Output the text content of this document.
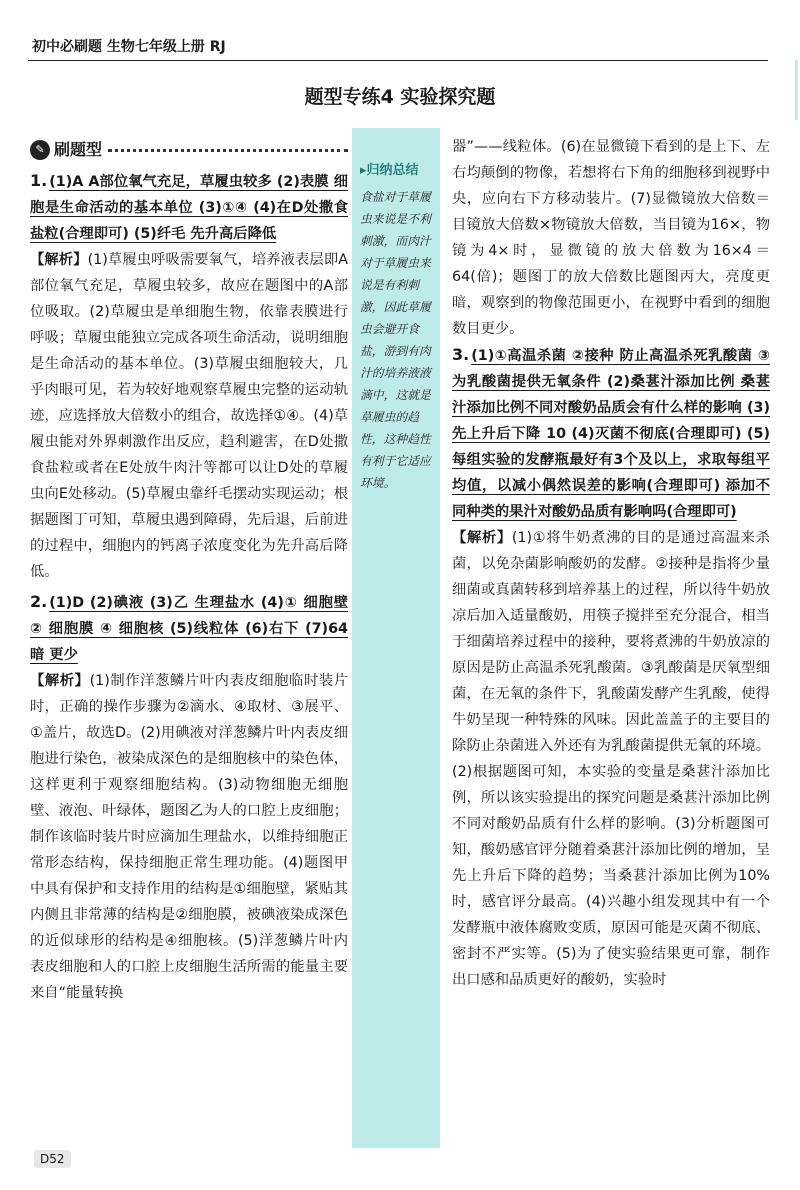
初中必刷题 生物七年级上册 RJ
题型专练4 实验探究题
✎ 刷题型
1. (1)A A部位氧气充足，草履虫较多 (2)表膜 细胞是生命活动的基本单位 (3)①④ (4)在D处撒食盐粒(合理即可) (5)纤毛 先升高后降低
【解析】(1)草履虫呼吸需要氧气，培养液表层即A部位氧气充足，草履虫较多，故应在题图中的A部位吸取。(2)草履虫是单细胞生物，依靠表膜进行呼吸；草履虫能独立完成各项生命活动，说明细胞是生命活动的基本单位。(3)草履虫细胞较大，几乎肉眼可见，若为较好地观察草履虫完整的运动轨迹，应选择放大倍数小的组合，故选择①④。(4)草履虫能对外界刺激作出反应，趋利避害，在D处撒食盐粒或者在E处放牛肉汁等都可以让D处的草履虫向E处移动。(5)草履虫靠纤毛摆动实现运动；根据题图丁可知，草履虫遇到障碍，先后退，后前进的过程中，细胞内的钙离子浓度变化为先升高后降低。
2. (1)D (2)碘液 (3)乙 生理盐水 (4)① 细胞壁 ② 细胞膜 ④ 细胞核 (5)线粒体 (6)右下 (7)64 暗 更少
【解析】(1)制作洋葱鳞片叶内表皮细胞临时装片时，正确的操作步骤为②滴水、④取材、③展平、①盖片，故选D。(2)用碘液对洋葱鳞片叶内表皮细胞进行染色，被染成深色的是细胞核中的染色体，这样更利于观察细胞结构。(3)动物细胞无细胞壁、液泡、叶绿体，题图乙为人的口腔上皮细胞；制作该临时装片时应滴加生理盐水，以维持细胞正常形态结构，保持细胞正常生理功能。(4)题图甲中具有保护和支持作用的结构是①细胞壁，紧贴其内侧且非常薄的结构是②细胞膜，被碘液染成深色的近似球形的结构是④细胞核。(5)洋葱鳞片叶内表皮细胞和人的口腔上皮细胞生活所需的能量主要来自“能量转换
▸归纳总结
食盐对于草履虫来说是不利刺激，而肉汁对于草履虫来说是有利刺激，因此草履虫会避开食盐，游到有肉汁的培养液液滴中，这就是草履虫的趋性，这种趋性有利于它适应环境。
器”——线粒体。(6)在显微镜下看到的是上下、左右均颠倒的物像，若想将右下角的细胞移到视野中央，应向右下方移动装片。(7)显微镜放大倍数＝目镜放大倍数×物镜放大倍数，当目镜为16×，物镜为4×时，显微镜的放大倍数为16×4＝64(倍)；题图丁的放大倍数比题图丙大，亮度更暗，观察到的物像范围更小，在视野中看到的细胞数目更少。
3. (1)①高温杀菌 ②接种 防止高温杀死乳酸菌 ③为乳酸菌提供无氧条件 (2)桑葚汁添加比例 桑葚汁添加比例不同对酸奶品质会有什么样的影响 (3)先上升后下降 10 (4)灭菌不彻底(合理即可) (5)每组实验的发酵瓶最好有3个及以上，求取每组平均值，以减小偶然误差的影响(合理即可) 添加不同种类的果汁对酸奶品质有影响吗(合理即可)
【解析】(1)①将牛奶煮沸的目的是通过高温来杀菌，以免杂菌影响酸奶的发酵。②接种是指将少量细菌或真菌转移到培养基上的过程，所以待牛奶放凉后加入适量酸奶，用筷子搅拌至充分混合，相当于细菌培养过程中的接种，要将煮沸的牛奶放凉的原因是防止高温杀死乳酸菌。③乳酸菌是厌氧型细菌，在无氧的条件下，乳酸菌发酵产生乳酸，使得牛奶呈现一种特殊的风味。因此盖盖子的主要目的除防止杂菌进入外还有为乳酸菌提供无氧的环境。(2)根据题图可知，本实验的变量是桑葚汁添加比例，所以该实验提出的探究问题是桑葚汁添加比例不同对酸奶品质有什么样的影响。(3)分析题图可知，酸奶感官评分随着桑葚汁添加比例的增加，呈先上升后下降的趋势；当桑葚汁添加比例为10%时，感官评分最高。(4)兴趣小组发现其中有一个发酵瓶中液体腐败变质，原因可能是灭菌不彻底、密封不严实等。(5)为了使实验结果更可靠，制作出口感和品质更好的酸奶，实验时
D52
